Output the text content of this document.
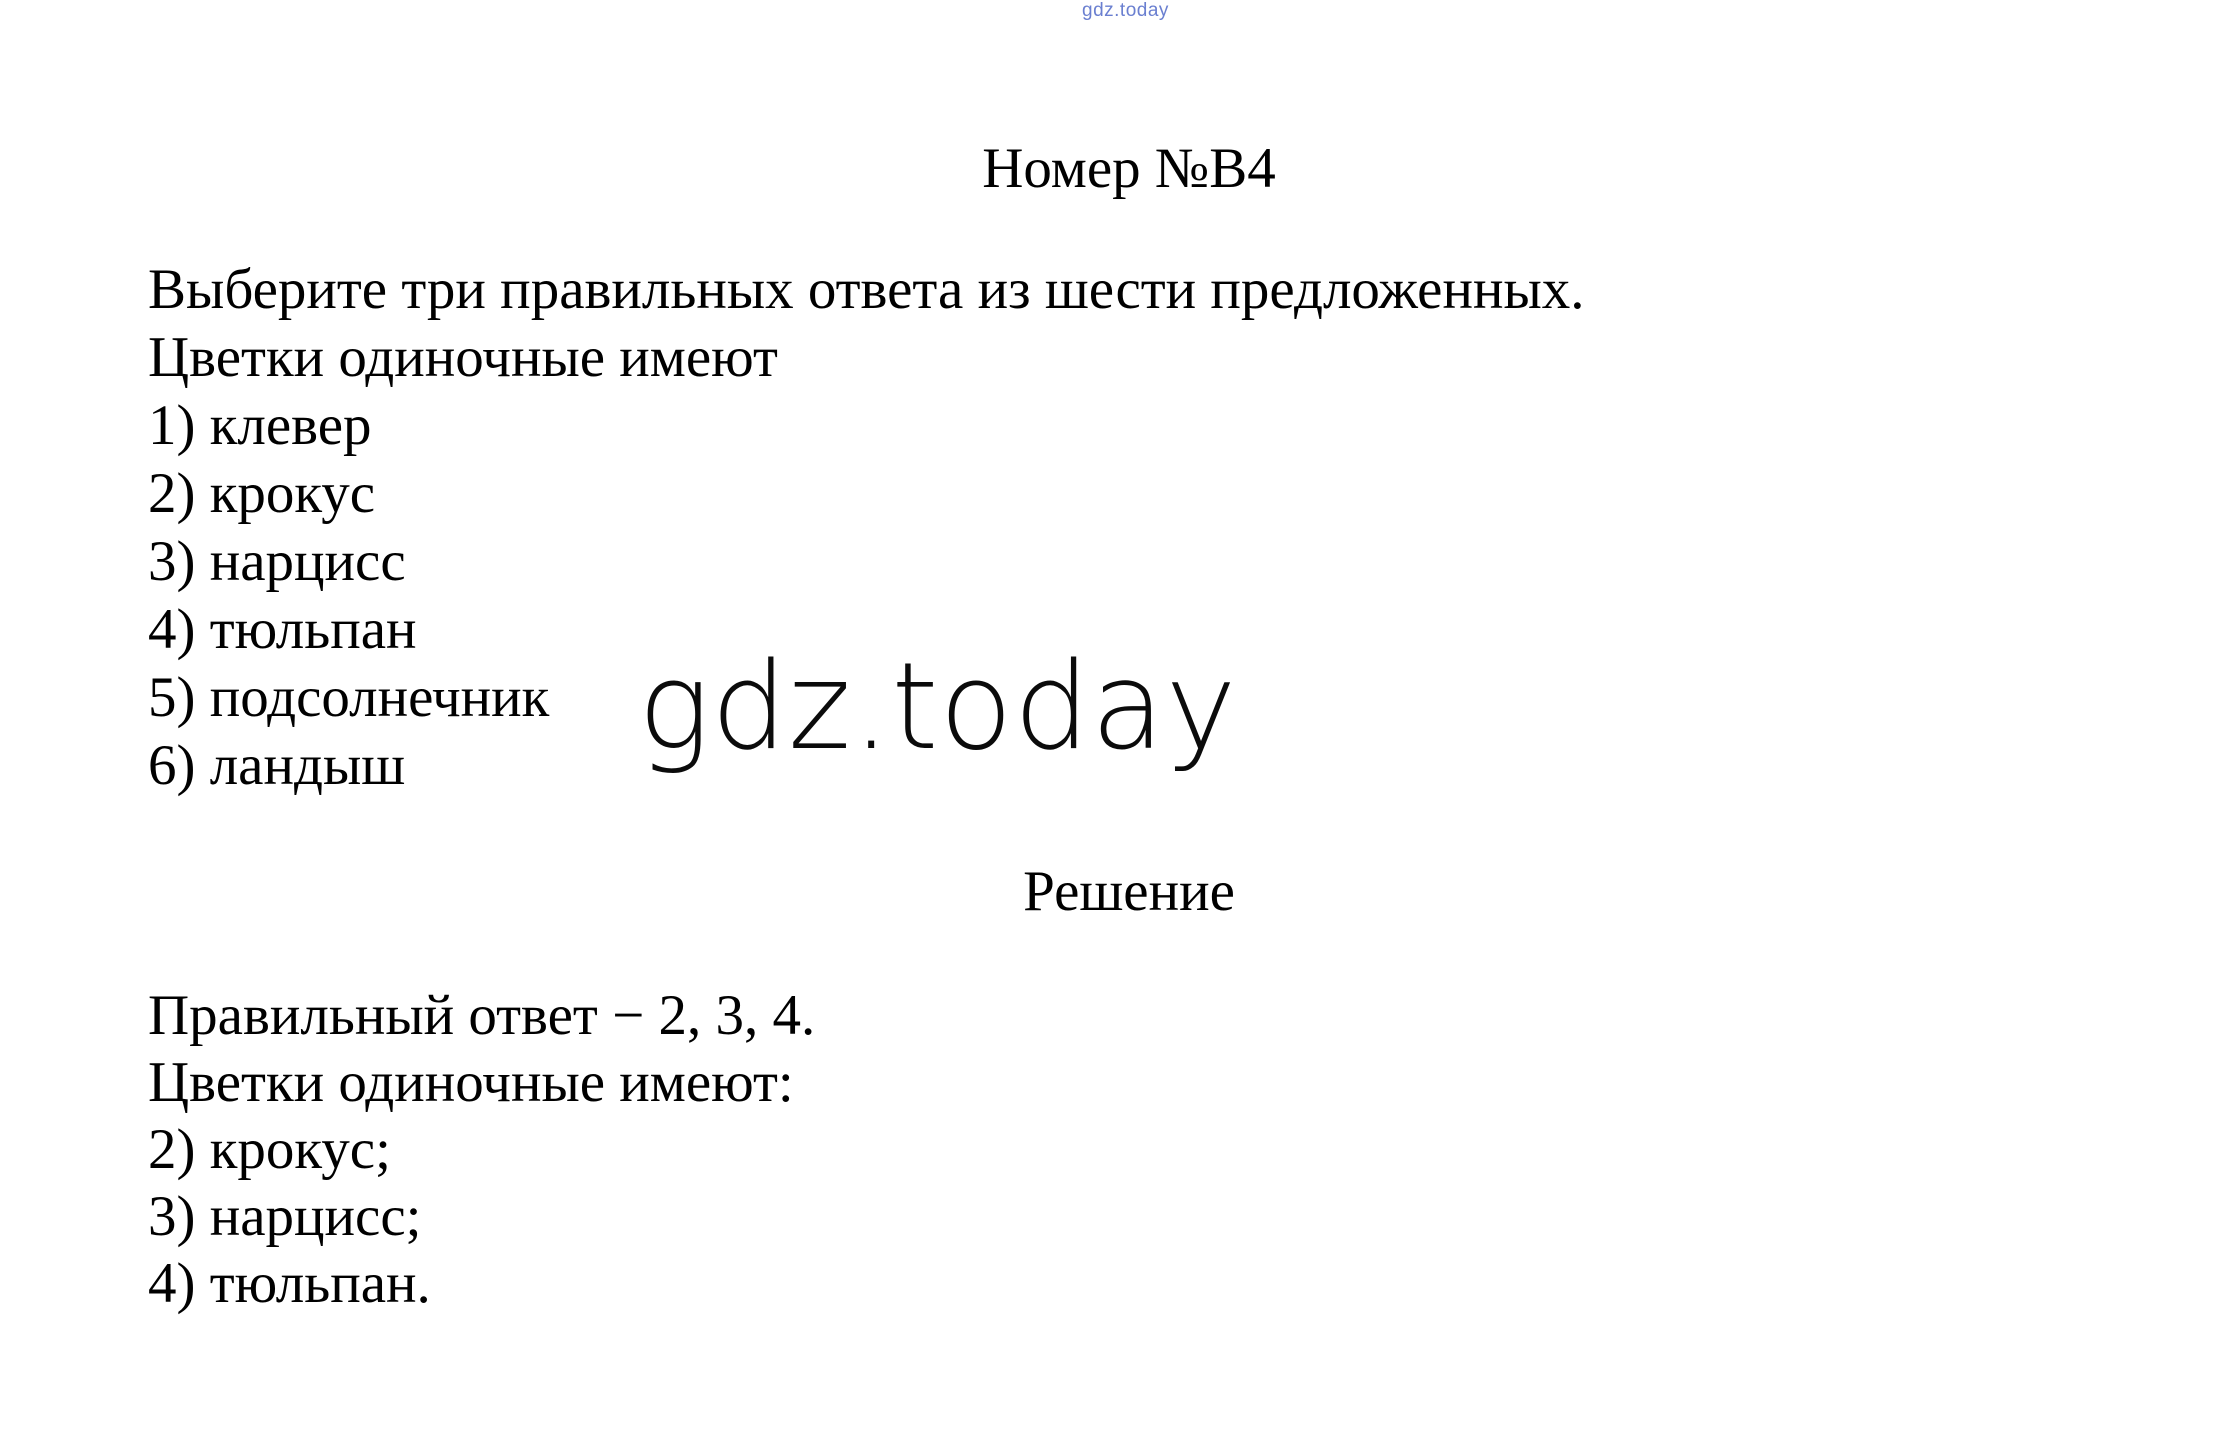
gdz.today
Номер №В4
Выберите три правильных ответа из шести предложенных.
Цветки одиночные имеют
1) клевер
2) крокус
3) нарцисс
4) тюльпан
5) подсолнечник
6) ландыш	gdz.today
Решение
Правильный ответ − 2, 3, 4.
Цветки одиночные имеют:
2) крокус;
3) нарцисс;
4) тюльпан.
